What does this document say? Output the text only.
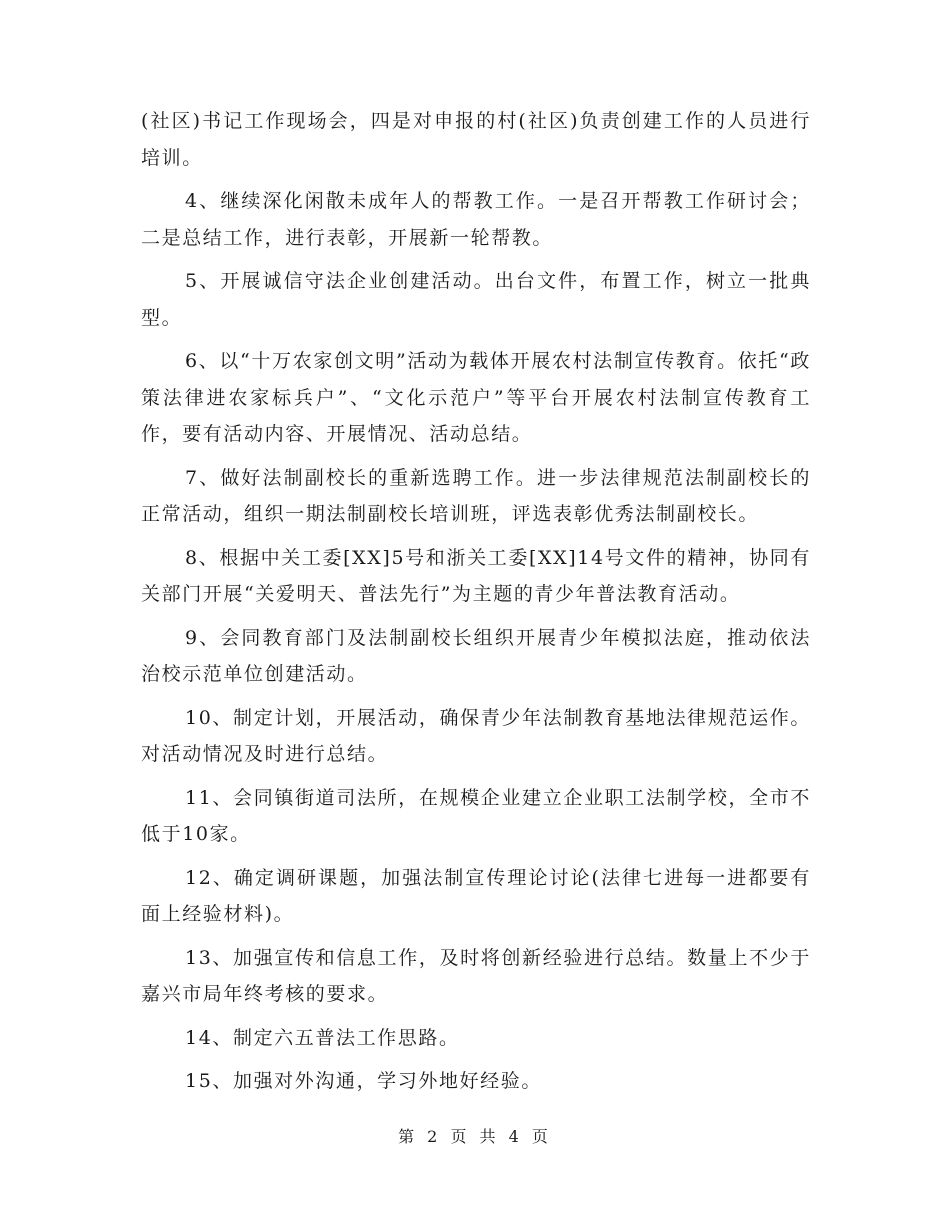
(社区)书记工作现场会，四是对申报的村(社区)负责创建工作的人员进行培训。

4、继续深化闲散未成年人的帮教工作。一是召开帮教工作研讨会；二是总结工作，进行表彰，开展新一轮帮教。

5、开展诚信守法企业创建活动。出台文件，布置工作，树立一批典型。

6、以“十万农家创文明”活动为载体开展农村法制宣传教育。依托“政策法律进农家标兵户”、“文化示范户”等平台开展农村法制宣传教育工作，要有活动内容、开展情况、活动总结。

7、做好法制副校长的重新选聘工作。进一步法律规范法制副校长的正常活动，组织一期法制副校长培训班，评选表彰优秀法制副校长。

8、根据中关工委[XX]5号和浙关工委[XX]14号文件的精神，协同有关部门开展“关爱明天、普法先行”为主题的青少年普法教育活动。

9、会同教育部门及法制副校长组织开展青少年模拟法庭，推动依法治校示范单位创建活动。

10、制定计划，开展活动，确保青少年法制教育基地法律规范运作。对活动情况及时进行总结。

11、会同镇街道司法所，在规模企业建立企业职工法制学校，全市不低于10家。

12、确定调研课题，加强法制宣传理论讨论(法律七进每一进都要有面上经验材料)。

13、加强宣传和信息工作，及时将创新经验进行总结。数量上不少于嘉兴市局年终考核的要求。

14、制定六五普法工作思路。

15、加强对外沟通，学习外地好经验。

第 2 页 共 4 页
